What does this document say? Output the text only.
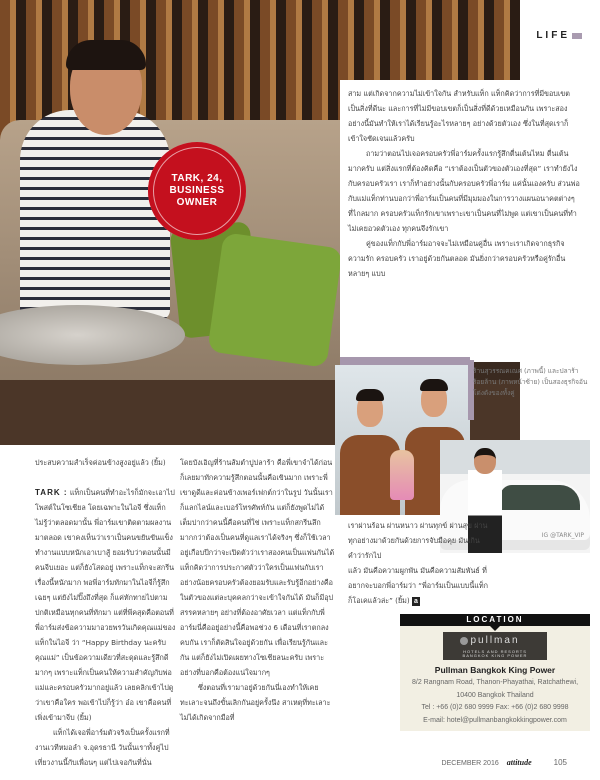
TARK, 24,
BUSINESS
OWNER
LIFE

สาม แต่เกิดจากความไม่เข้าใจกัน สำหรับแท็ก แท็กคิดว่าการที่มีขอบเขตเป็นสิ่งที่ดีนะ และการที่ไม่มีขอบเขตก็เป็นสิ่งที่ดีด้วยเหมือนกัน เพราะสองอย่างนี้มันทำให้เราได้เรียนรู้อะไรหลายๆ อย่างด้วยตัวเอง ซึ่งในที่สุดเราก็เข้าใจชัดเจนแล้วครับ

ถามว่าตอนไปเจอครอบครัวพี่อาร์มครั้งแรกรู้สึกตื่นเต้นไหม ตื่นเต้นมากครับ แต่สิ่งแรกที่ต้องคิดคือ “เราต้องเป็นตัวของตัวเองที่สุด” เราทำยังไงกับครอบครัวเรา เราก็ทำอย่างนั้นกับครอบครัวพี่อาร์ม แค่นั้นเองครับ ส่วนพ่อกับแม่แท็กท่านบอกว่าพี่อาร์มเป็นคนที่มีมุมมองในการวางแผนอนาคตต่างๆ ที่ไกลมาก ครอบครัวแท็กรักเขาเพราะเขาเป็นคนที่ไม่พูด แต่เขาเป็นคนที่ทำ ไม่เคยอวดตัวเอง ทุกคนจึงรักเขา

คู่ของแท็กกับพี่อาร์มอาจจะไม่เหมือนคู่อื่น เพราะเราเกิดจากธุรกิจ ความรัก ครอบครัว เราอยู่ด้วยกันตลอด มันยิ่งกว่าครอบครัวหรือคู่รักอื่นหลายๆ แบบ

ร้านสุวรรณคเณศ (ภาพนี้) และปลาร้าร้อยล้าน (ภาพหน้าซ้าย) เป็นสองธุรกิจอันโด่งดังของทั้งคู่
IG @TARK_VIP

ประสบความสำเร็จค่อนข้างสูงอยู่แล้ว (ยิ้ม)

TARK : แท็กเป็นคนที่ทำอะไรก็มักจะเอาไปโพสต์ในโซเชียล โดยเฉพาะในไอจี ซึ่งแท็กไม่รู้ว่าตลอดมานั้น พี่อาร์มเขาติดตามผลงานมาตลอด เขาคงเห็นว่าเราเป็นคนขยันขันแข็ง ทำงานแบบหนักเอาเบาสู้ ยอมรับว่าตอนนั้นมีคนจีบเยอะ แต่ก็ยังโสดอยู่ เพราะแท็กจะสกรีนเรื่องนี้หนักมาก พอพี่อาร์มทักมาในไอจีก็รู้สึกเฉยๆ แต่ยังไม่ปิ๊งถึงที่สุด ก็แค่ทักทายไปตามปกติเหมือนทุกคนที่ทักมา แต่ที่พีคสุดคือตอนที่พี่อาร์มส่งข้อความมาอวยพรวันเกิดคุณแม่ของแท็กในไอจี ว่า “Happy Birthday นะครับคุณแม่” เป็นข้อความเดียวที่สะดุดและรู้สึกดีมากๆ เพราะแท็กเป็นคนให้ความสำคัญกับพ่อแม่และครอบครัวมากอยู่แล้ว เลยคลิกเข้าไปดูว่าเขาคือใคร พอเข้าไปก็รู้ว่า อ๋อ เขาคือคนที่เพิ่งเข้ามาจีบ (ยิ้ม)

แท็กได้เจอพี่อาร์มตัวจริงเป็นครั้งแรกที่งานเวทีหมอลำ จ.อุดรธานี วันนั้นเราทั้งคู่ไปเที่ยวงานนี้กับเพื่อนๆ แต่ไปเจอกันที่นั่น

โดยบังเอิญที่ร้านส้มตำปูปลาร้า คือพี่เขาจำได้ก่อน ก็เลยมาทักความรู้สึกตอนนั้นคือเขินมาก เพราะพี่เขาดูดีและค่อนข้างเพอร์เฟกต์กว่าในรูป วันนั้นเราก็แลกไลน์และเบอร์โทรศัพท์กัน แต่ก็ยังพูดไม่ได้เต็มปากว่าคนนี้คือคนที่ใช่ เพราะแท็กสกรีนลึกมากกว่าต้องเป็นคนที่ดูแลเราได้จริงๆ ซึ่งก็ใช้เวลาอยู่เกือบปีกว่าจะเปิดตัวว่าเราสองคนเป็นแฟนกันได้ แท็กคิดว่าการประกาศตัวว่าใครเป็นแฟนกับเราอย่างน้อยครอบครัวต้องยอมรับและรับรู้อีกอย่างคือ ในตัวของแต่ละบุคคลกว่าจะเข้าใจกันได้ มันก็มีอุปสรรคหลายๆ อย่างที่ต้องอาศัยเวลา แต่แท็กกับพี่อาร์มนี่คืออยู่อย่างนี้คือพอช่วง 6 เดือนที่เราตกลงคบกัน เราก็ตัดสินใจอยู่ด้วยกัน เพื่อเรียนรู้กันและกัน แต่ก็ยังไม่เปิดเผยทางโซเชียลนะครับ เพราะอย่างที่บอกคือต้องแน่ใจมากๆ

ซึ่งตอนที่เรามาอยู่ด้วยกันนี่เองทำให้เคยทะเลาะจนถึงขั้นเลิกกันอยู่ครั้งนึง สาเหตุที่ทะเลาะไม่ได้เกิดจากมือที่

เราผ่านร้อน ผ่านหนาว ผ่านทุกข์ ผ่านสุข ผ่านทุกอย่างมาด้วยกันด้วยการจับมือคุย มันเกินคำว่ารักไป

แล้ว มันคือความผูกพัน มันคือความสัมพันธ์ ที่อยากจะบอกพี่อาร์มว่า “พี่อาร์มเป็นแบบนี้แท็กก็โอเคแล้วล่ะ” (ยิ้ม) a

LOCATION
pullman
HOTELS AND RESORTS
BANGKOK KING POWER
Pullman Bangkok King Power
8/2 Rangnam Road, Thanon-Phayathai, Ratchathewi,
10400 Bangkok Thailand
Tel : +66 (0)2 680 9999 Fax: +66 (0)2 680 9998
E-mail: hotel@pullmanbangkokkingpower.com
DECEMBER 2016 attitude	105
